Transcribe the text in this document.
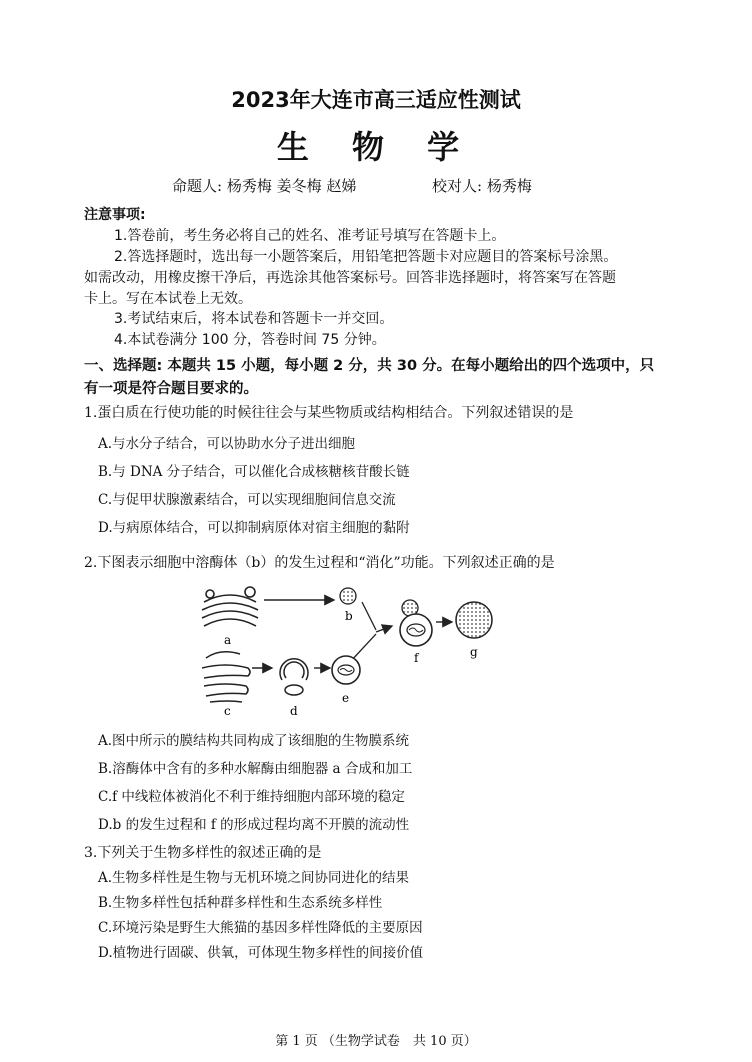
2023年大连市高三适应性测试
生 物 学
命题人: 杨秀梅 姜冬梅 赵娣	校对人: 杨秀梅
注意事项:
1.答卷前，考生务必将自己的姓名、准考证号填写在答题卡上。
2.答选择题时，选出每一小题答案后，用铅笔把答题卡对应题目的答案标号涂黑。
如需改动，用橡皮擦干净后，再选涂其他答案标号。回答非选择题时，将答案写在答题
卡上。写在本试卷上无效。
3.考试结束后，将本试卷和答题卡一并交回。
4.本试卷满分 100 分，答卷时间 75 分钟。
一、选择题: 本题共 15 小题，每小题 2 分，共 30 分。在每小题给出的四个选项中，只
有一项是符合题目要求的。
1.蛋白质在行使功能的时候往往会与某些物质或结构相结合。下列叙述错误的是
A.与水分子结合，可以协助水分子进出细胞
B.与 DNA 分子结合，可以催化合成核糖核苷酸长链
C.与促甲状腺激素结合，可以实现细胞间信息交流
D.与病原体结合，可以抑制病原体对宿主细胞的黏附
2.下图表示细胞中溶酶体（b）的发生过程和“消化”功能。下列叙述正确的是
a
b
f	g
c	d
e
A.图中所示的膜结构共同构成了该细胞的生物膜系统
B.溶酶体中含有的多种水解酶由细胞器 a 合成和加工
C.f 中线粒体被消化不利于维持细胞内部环境的稳定
D.b 的发生过程和 f 的形成过程均离不开膜的流动性
3.下列关于生物多样性的叙述正确的是
A.生物多样性是生物与无机环境之间协同进化的结果
B.生物多样性包括种群多样性和生态系统多样性
C.环境污染是野生大熊猫的基因多样性降低的主要原因
D.植物进行固碳、供氧，可体现生物多样性的间接价值
第 1 页 （生物学试卷　共 10 页）
